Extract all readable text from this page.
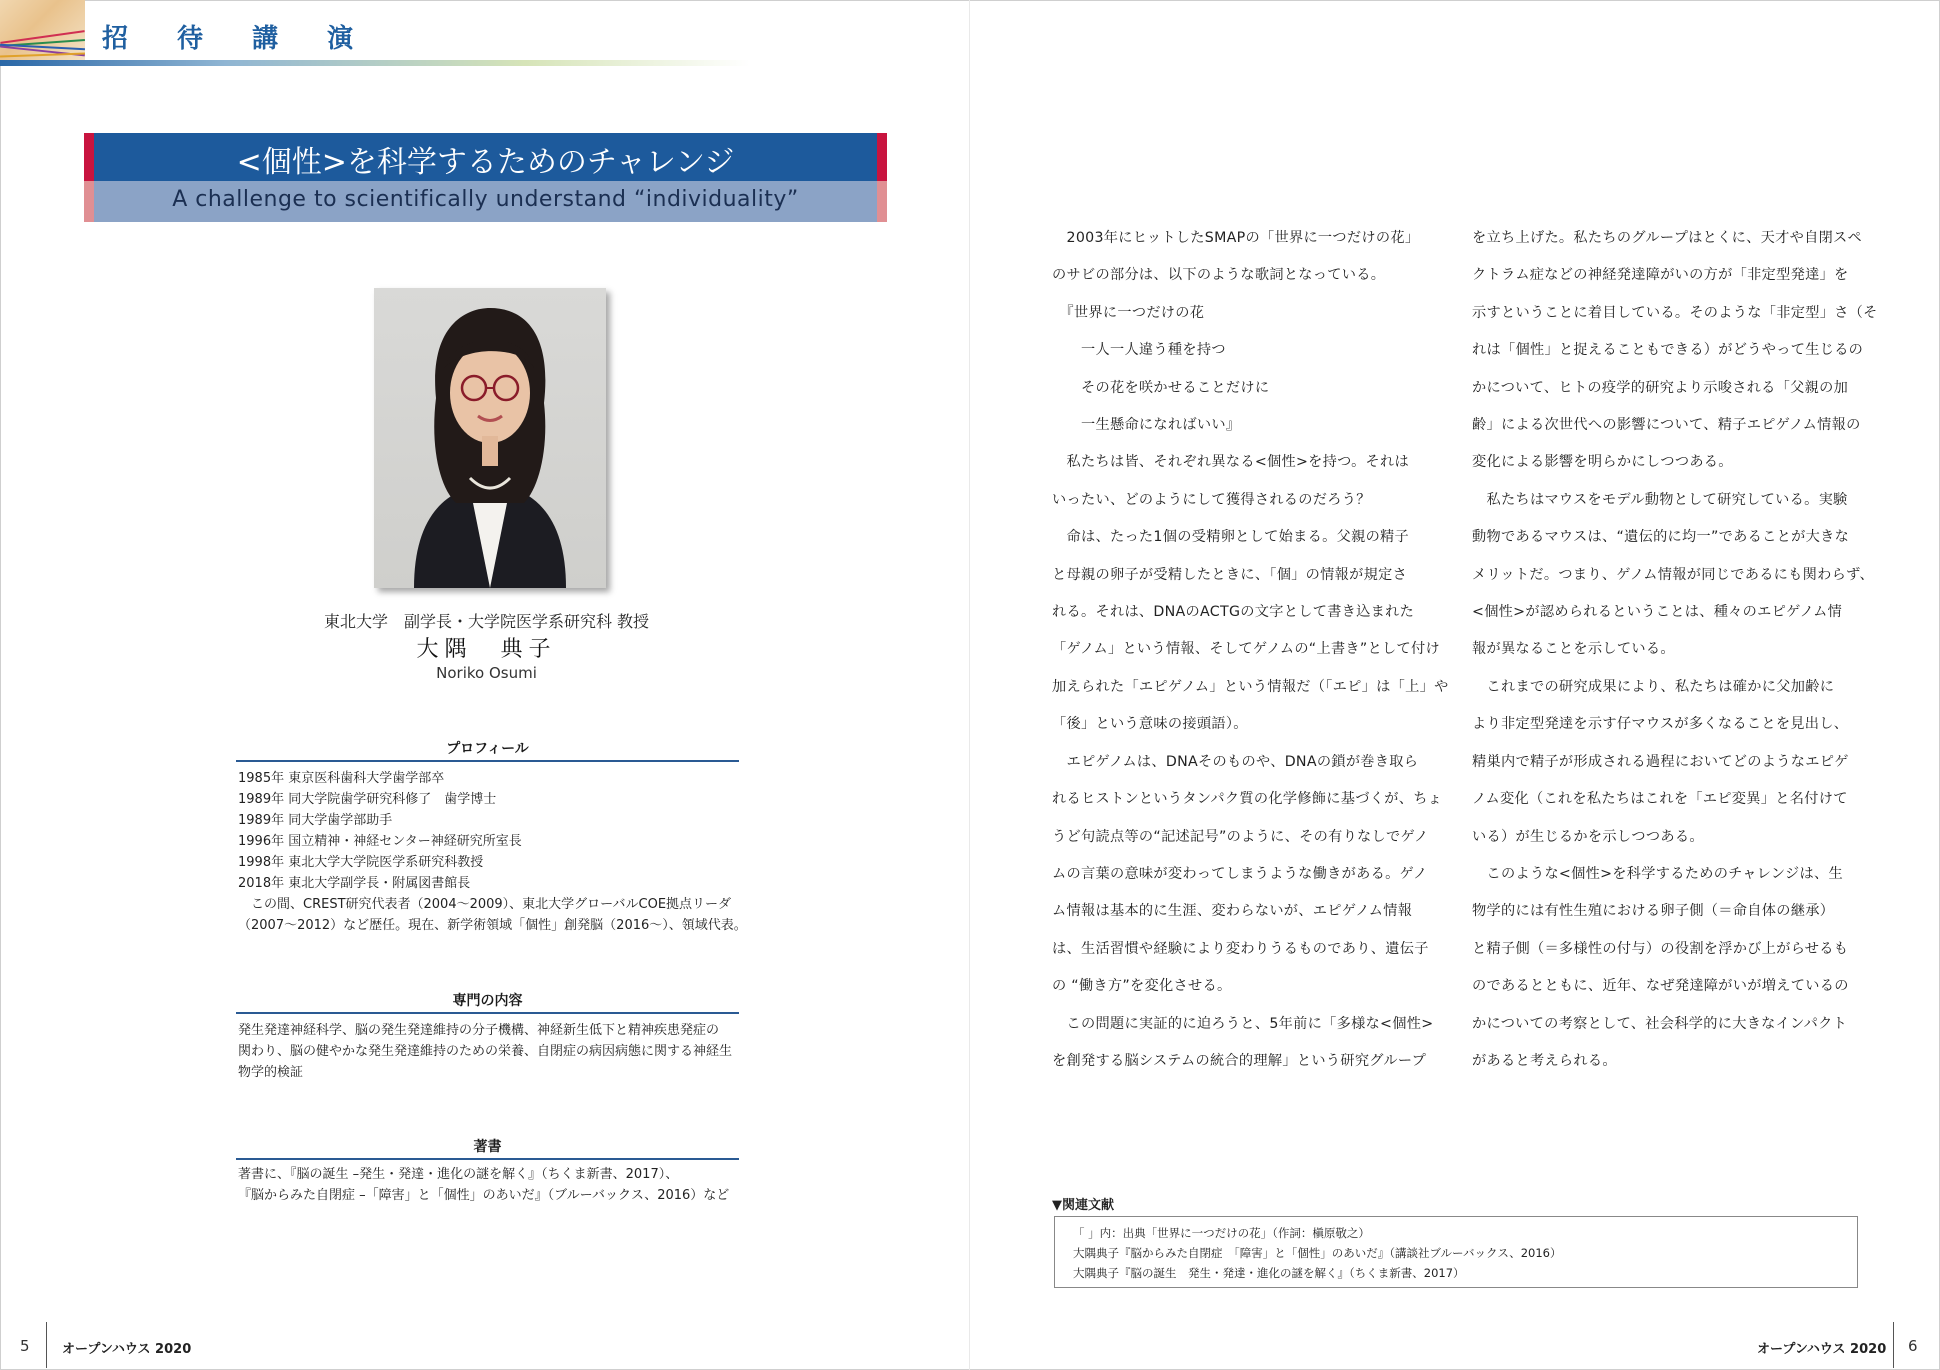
招 待 講 演
<個性>を科学するためのチャレンジ
A challenge to scientifically understand “individuality”
東北大学　副学長・大学院医学系研究科 教授
大隅　典子
Noriko Osumi
プロフィール
1985年 東京医科歯科大学歯学部卒
1989年 同大学院歯学研究科修了　歯学博士
1989年 同大学歯学部助手
1996年 国立精神・神経センター神経研究所室長
1998年 東北大学大学院医学系研究科教授
2018年 東北大学副学長・附属図書館長
　この間、CREST研究代表者（2004〜2009）、東北大学グローバルCOE拠点リーダ
（2007〜2012）など歴任。現在、新学術領域「個性」創発脳（2016〜）、領域代表。
専門の内容
発生発達神経科学、脳の発生発達維持の分子機構、神経新生低下と精神疾患発症の
関わり、脳の健やかな発生発達維持のための栄養、自閉症の病因病態に関する神経生
物学的検証
著書
著書に、『脳の誕生 –発生・発達・進化の謎を解く』（ちくま新書、2017）、
『脳からみた自閉症 –「障害」と「個性」のあいだ』（ブルーバックス、2016）など
　2003年にヒットしたSMAPの「世界に一つだけの花」
のサビの部分は、以下のような歌詞となっている。
　『世界に一つだけの花
　　一人一人違う種を持つ
　　その花を咲かせることだけに
　　一生懸命になればいい』
　私たちは皆、それぞれ異なる<個性>を持つ。それは
いったい、どのようにして獲得されるのだろう？
　命は、たった1個の受精卵として始まる。父親の精子
と母親の卵子が受精したときに、「個」の情報が規定さ
れる。それは、DNAのACTGの文字として書き込まれた
「ゲノム」という情報、そしてゲノムの“上書き”として付け
加えられた「エピゲノム」という情報だ（「エピ」は「上」や
「後」という意味の接頭語）。
　エピゲノムは、DNAそのものや、DNAの鎖が巻き取ら
れるヒストンというタンパク質の化学修飾に基づくが、ちょ
うど句読点等の“記述記号”のように、その有りなしでゲノ
ムの言葉の意味が変わってしまうような働きがある。ゲノ
ム情報は基本的に生涯、変わらないが、エピゲノム情報
は、生活習慣や経験により変わりうるものであり、遺伝子
の “働き方”を変化させる。
　この問題に実証的に迫ろうと、5年前に「多様な<個性>
を創発する脳システムの統合的理解」という研究グループ
を立ち上げた。私たちのグループはとくに、天才や自閉スペ
クトラム症などの神経発達障がいの方が「非定型発達」を
示すということに着目している。そのような「非定型」さ（そ
れは「個性」と捉えることもできる）がどうやって生じるの
かについて、ヒトの疫学的研究より示唆される「父親の加
齢」による次世代への影響について、精子エピゲノム情報の
変化による影響を明らかにしつつある。
　私たちはマウスをモデル動物として研究している。実験
動物であるマウスは、“遺伝的に均一”であることが大きな
メリットだ。つまり、ゲノム情報が同じであるにも関わらず、
<個性>が認められるということは、種々のエピゲノム情
報が異なることを示している。
　これまでの研究成果により、私たちは確かに父加齢に
より非定型発達を示す仔マウスが多くなることを見出し、
精巣内で精子が形成される過程においてどのようなエピゲ
ノム変化（これを私たちはこれを「エピ変異」と名付けて
いる）が生じるかを示しつつある。
　このような<個性>を科学するためのチャレンジは、生
物学的には有性生殖における卵子側（＝命自体の継承）
と精子側（＝多様性の付与）の役割を浮かび上がらせるも
のであるとともに、近年、なぜ発達障がいが増えているの
かについての考察として、社会科学的に大きなインパクト
があると考えられる。
▼関連文献
「 」内：出典「世界に一つだけの花」（作詞：槇原敬之）
大隅典子『脳からみた自閉症　「障害」と「個性」のあいだ』（講談社ブルーバックス、2016）
大隅典子『脳の誕生　発生・発達・進化の謎を解く』（ちくま新書、2017）
5 オープンハウス 2020	オープンハウス 2020 6
